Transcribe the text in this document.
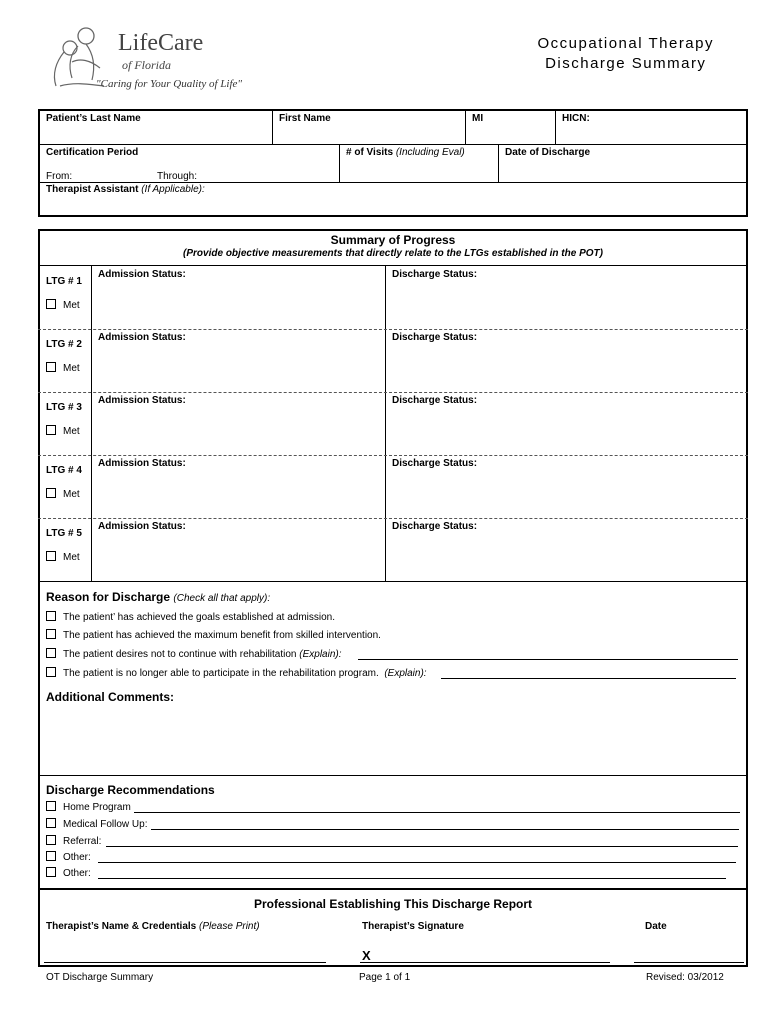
LifeCare
of Florida
"Caring for Your Quality of Life"
Occupational Therapy
Discharge Summary
Patient’s Last Name	First Name	MI	HICN:
Certification Period	# of Visits (Including Eval)	Date of Discharge
From:	Through:
Therapist Assistant (If Applicable):
Summary of Progress
(Provide objective measurements that directly relate to the LTGs established in the POT)
LTG # 1
Met
Admission Status:	Discharge Status:
LTG # 2
Met
Admission Status:	Discharge Status:
LTG # 3
Met
Admission Status:	Discharge Status:
LTG # 4
Met
Admission Status:	Discharge Status:
LTG # 5
Met
Admission Status:	Discharge Status:
Reason for Discharge (Check all that apply):
The patient’ has achieved the goals established at admission.
The patient has achieved the maximum benefit from skilled intervention.
The patient desires not to continue with rehabilitation (Explain):
The patient is no longer able to participate in the rehabilitation program. (Explain):
Additional Comments:
Discharge Recommendations
Home Program
Medical Follow Up:
Referral:
Other:
Other:
Professional Establishing This Discharge Report
Therapist’s Name & Credentials (Please Print)	Therapist’s Signature	Date
X
OT Discharge Summary	Page 1 of 1	Revised: 03/2012
